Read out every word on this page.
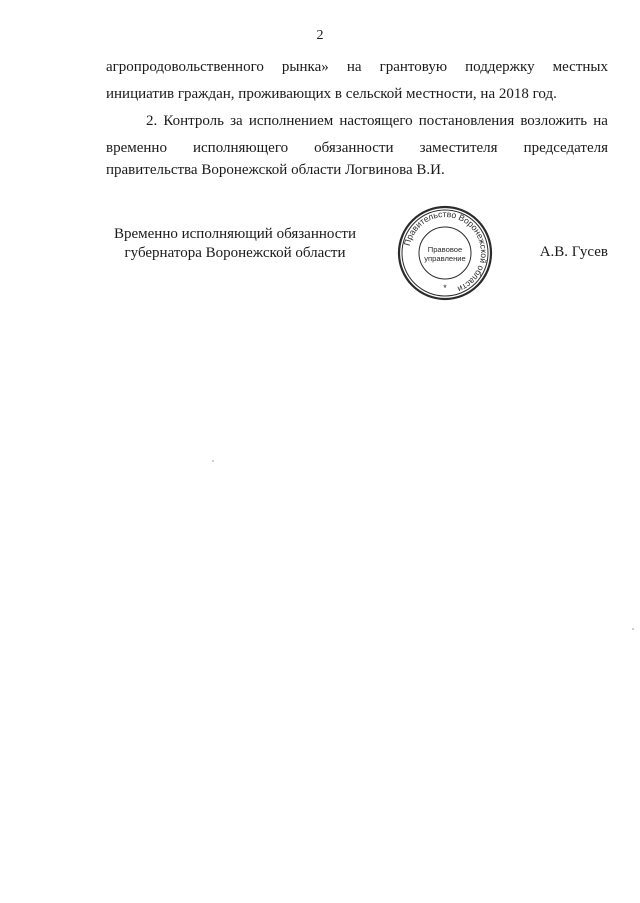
2
агропродовольственного рынка» на грантовую поддержку местных
инициатив граждан, проживающих в сельской местности, на 2018 год.
2. Контроль за исполнением настоящего постановления возложить на
временно исполняющего обязанности заместителя председателя
правительства Воронежской области Логвинова В.И.
Временно исполняющий обязанности
губернатора Воронежской области
Правительство Воронежской области
Правовое
управление
*
А.В. Гусев
